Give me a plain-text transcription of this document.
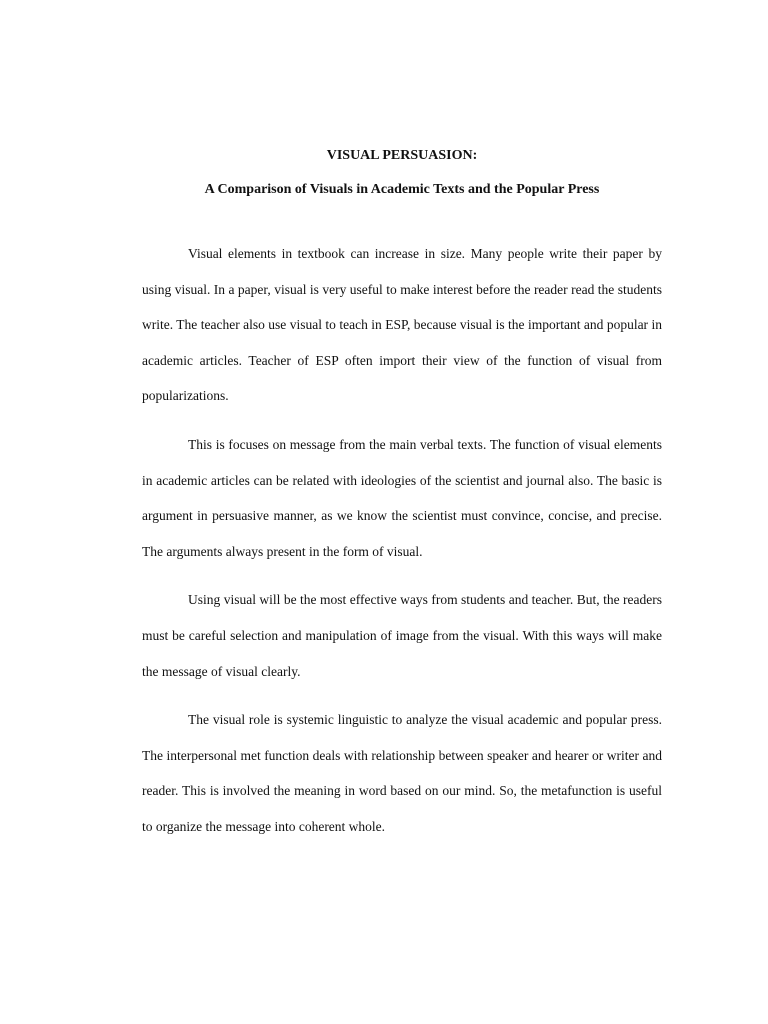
VISUAL PERSUASION:

A Comparison of Visuals in Academic Texts and the Popular Press

Visual elements in textbook can increase in size. Many people write their paper by using visual. In a paper, visual is very useful to make interest before the reader read the students write. The teacher also use visual to teach in ESP, because visual is the important and popular in academic articles. Teacher of ESP often import their view of the function of visual from popularizations.

This is focuses on message from the main verbal texts. The function of visual elements in academic articles can be related with ideologies of the scientist and journal also. The basic is argument in persuasive manner, as we know the scientist must convince, concise, and precise. The arguments always present in the form of visual.

Using visual will be the most effective ways from students and teacher. But, the readers must be careful selection and manipulation of image from the visual. With this ways will make the message of visual clearly.

The visual role is systemic linguistic to analyze the visual academic and popular press. The interpersonal met function deals with relationship between speaker and hearer or writer and reader. This is involved the meaning in word based on our mind. So, the metafunction is useful to organize the message into coherent whole.
